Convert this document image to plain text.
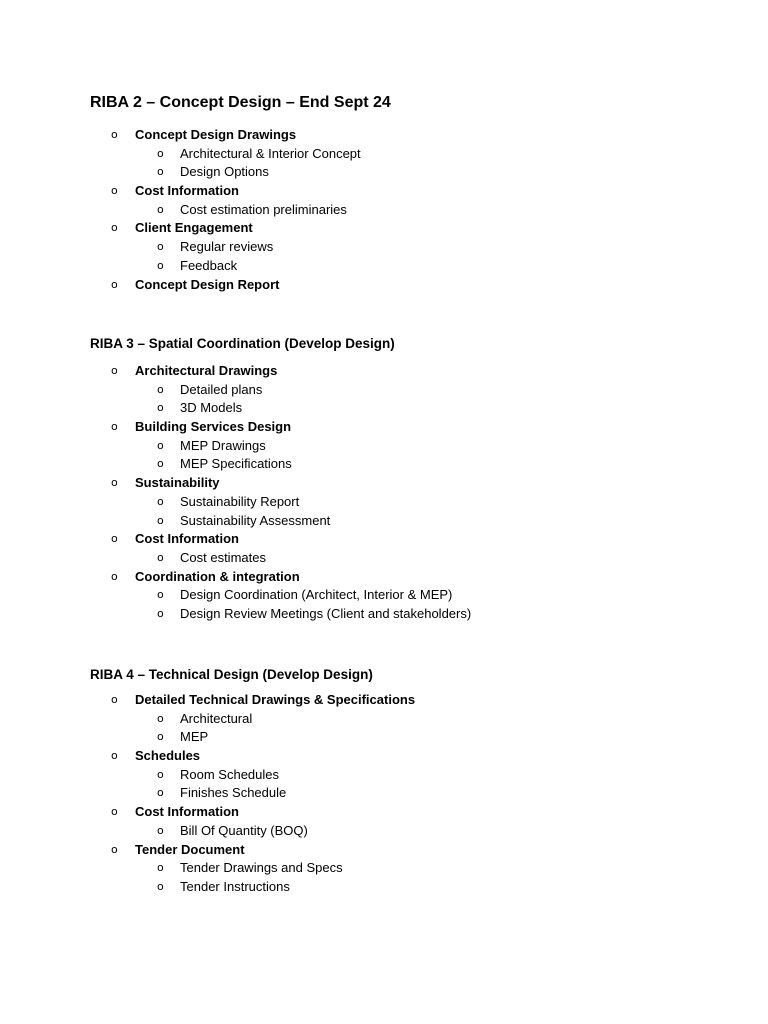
RIBA 2 – Concept Design – End Sept 24
o Concept Design Drawings
o Architectural & Interior Concept
o Design Options
o Cost Information
o Cost estimation preliminaries
o Client Engagement
o Regular reviews
o Feedback
o Concept Design Report
RIBA 3 – Spatial Coordination (Develop Design)
o Architectural Drawings
o Detailed plans
o 3D Models
o Building Services Design
o MEP Drawings
o MEP Specifications
o Sustainability
o Sustainability Report
o Sustainability Assessment
o Cost Information
o Cost estimates
o Coordination & integration
o Design Coordination (Architect, Interior & MEP)
o Design Review Meetings (Client and stakeholders)
RIBA 4 – Technical Design (Develop Design)
o Detailed Technical Drawings & Specifications
o Architectural
o MEP
o Schedules
o Room Schedules
o Finishes Schedule
o Cost Information
o Bill Of Quantity (BOQ)
o Tender Document
o Tender Drawings and Specs
o Tender Instructions
